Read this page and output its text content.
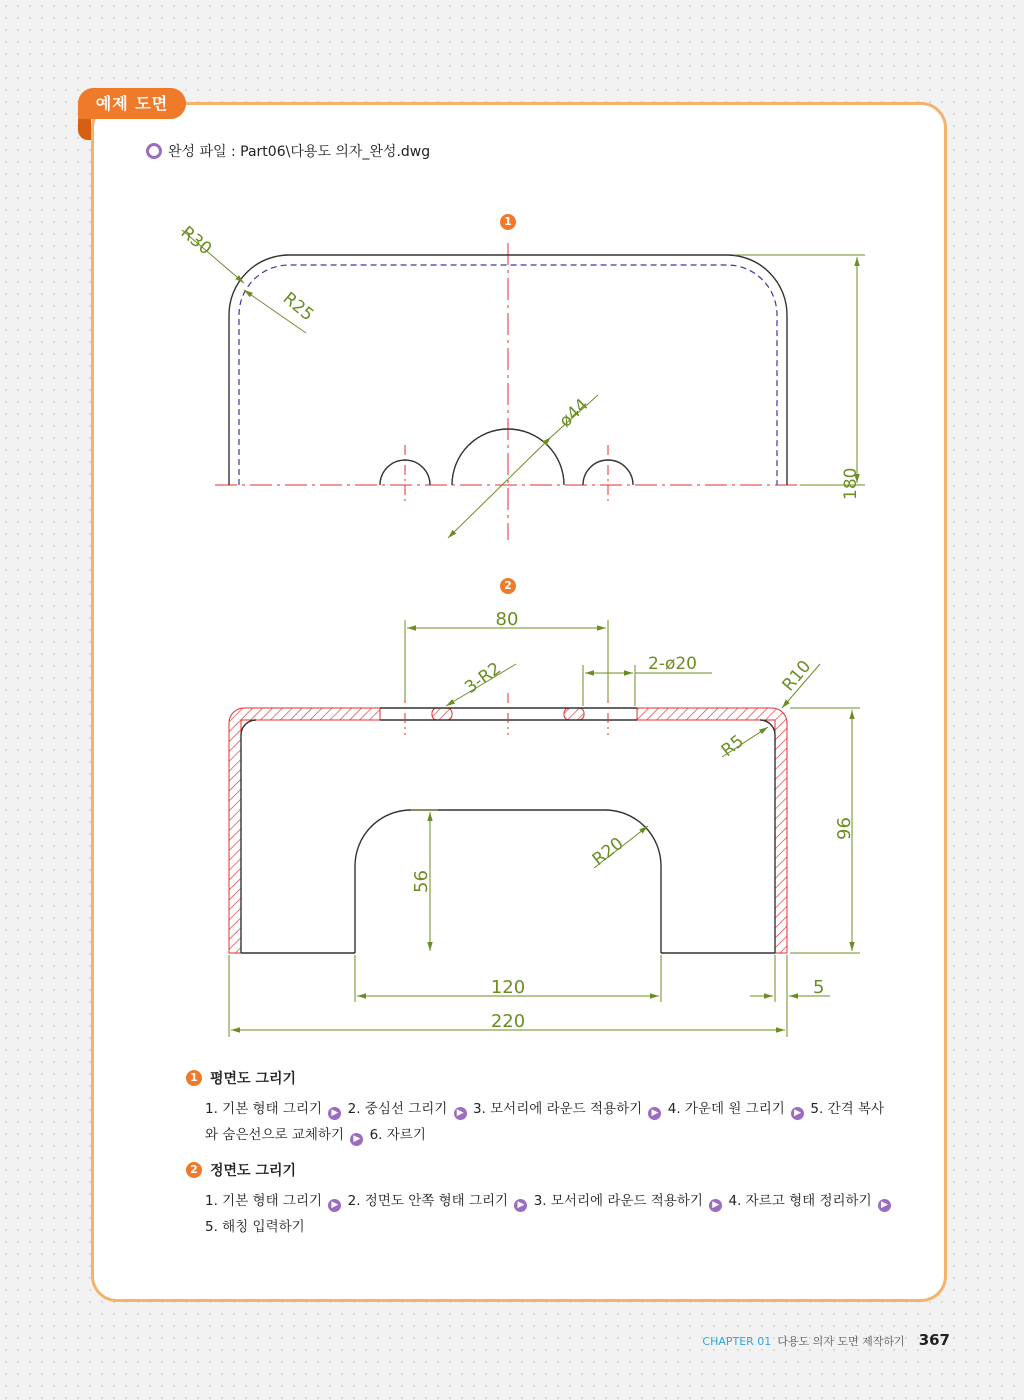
예제 도면
완성 파일 : Part06\다용도 의자_완성.dwg
R30
R25
ø44
180
80
3-R2	2-ø20	R10
R5
R20
96
56
120
220
5
1
2
1 평면도 그리기
1. 기본 형태 그리기 ▶ 2. 중심선 그리기 ▶ 3. 모서리에 라운드 적용하기 ▶ 4. 가운데 원 그리기 ▶ 5. 간격 복사와 숨은선으로 교체하기 ▶ 6. 자르기
2 정면도 그리기
1. 기본 형태 그리기 ▶ 2. 정면도 안쪽 형태 그리기 ▶ 3. 모서리에 라운드 적용하기 ▶ 4. 자르고 형태 정리하기 ▶ 5. 해칭 입력하기
CHAPTER 01 다용도 의자 도면 제작하기 367
